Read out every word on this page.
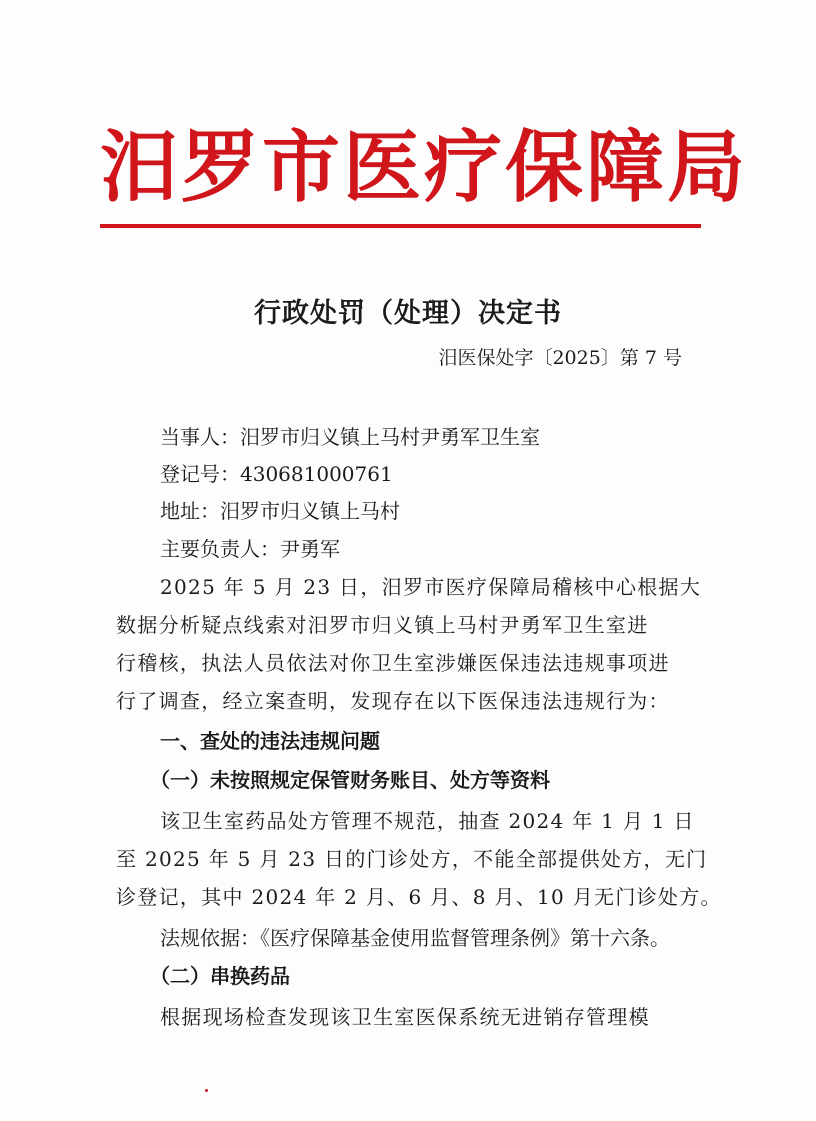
汨罗市医疗保障局
行政处罚（处理）决定书
汨医保处字〔2025〕第 7 号
当事人：汨罗市归义镇上马村尹勇军卫生室
登记号：430681000761
地址：汨罗市归义镇上马村
主要负责人：尹勇军
2025 年 5 月 23 日，汨罗市医疗保障局稽核中心根据大
数据分析疑点线索对汨罗市归义镇上马村尹勇军卫生室进
行稽核，执法人员依法对你卫生室涉嫌医保违法违规事项进
行了调查，经立案查明，发现存在以下医保违法违规行为：
一、查处的违法违规问题
（一）未按照规定保管财务账目、处方等资料
该卫生室药品处方管理不规范，抽查 2024 年 1 月 1 日
至 2025 年 5 月 23 日的门诊处方，不能全部提供处方，无门
诊登记，其中 2024 年 2 月、6 月、8 月、10 月无门诊处方。
法规依据：《医疗保障基金使用监督管理条例》第十六条。
（二）串换药品
根据现场检查发现该卫生室医保系统无进销存管理模
